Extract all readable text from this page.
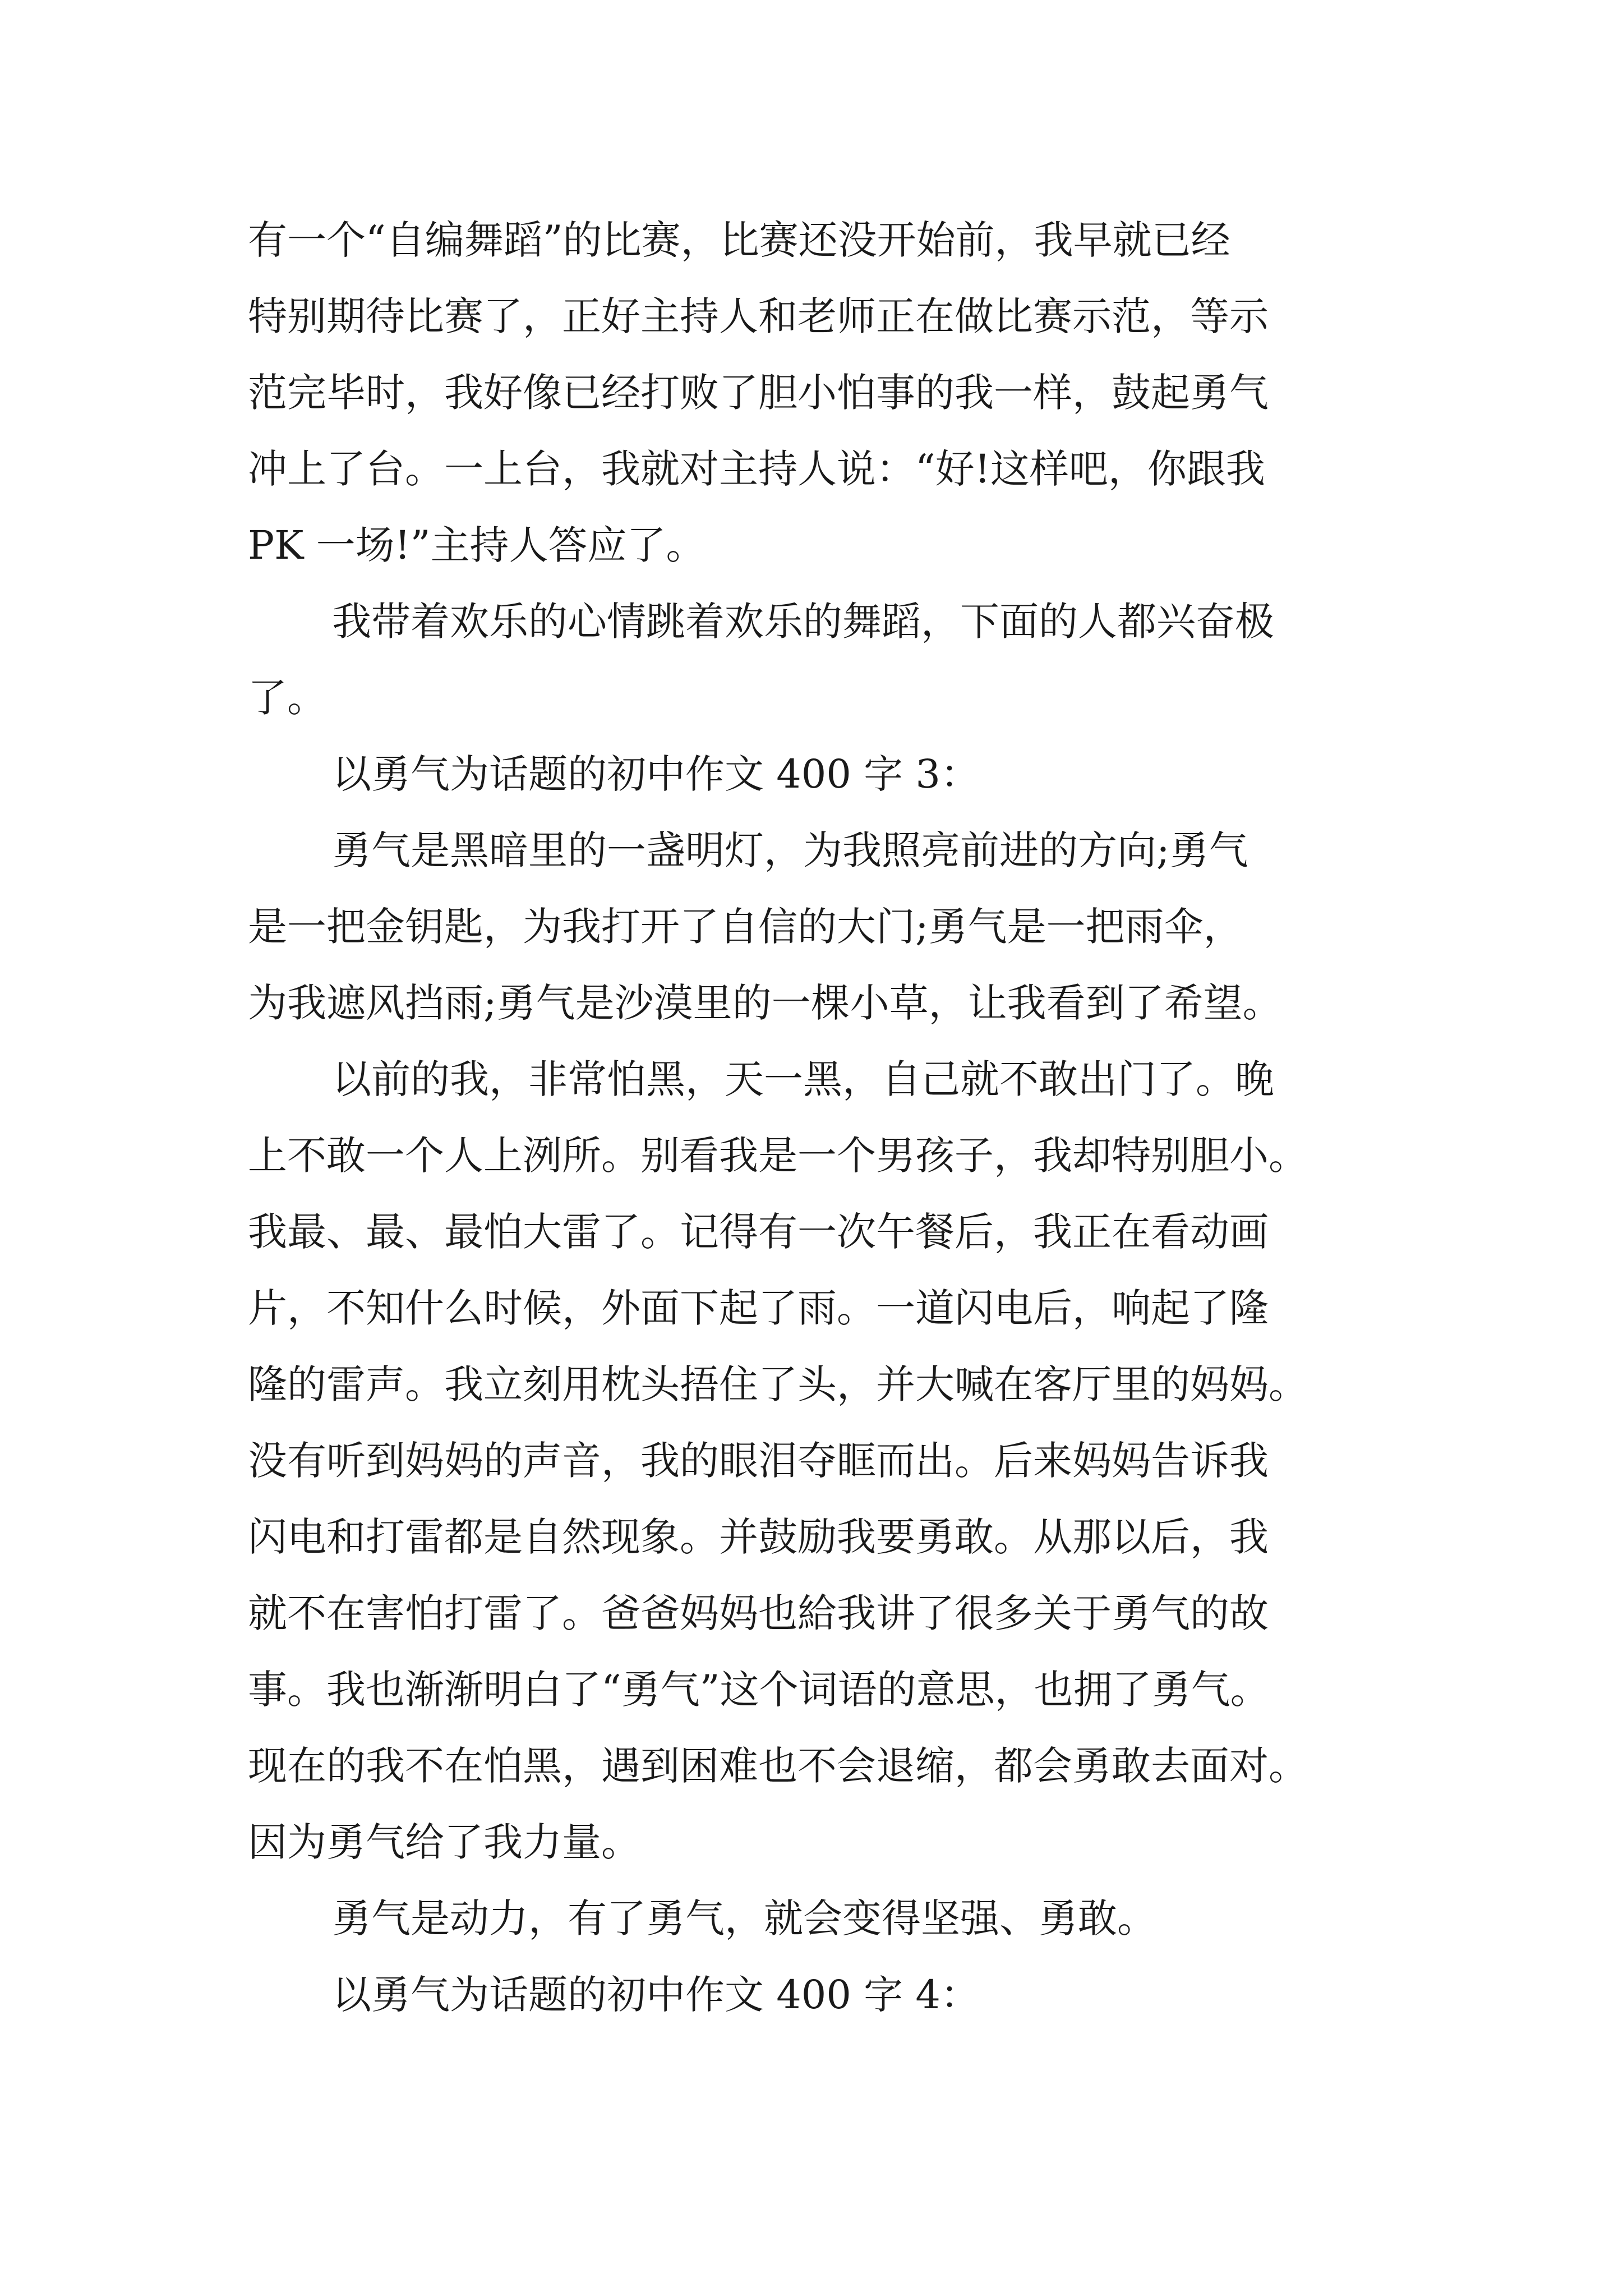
有一个“自编舞蹈”的比赛，比赛还没开始前，我早就已经
特别期待比赛了，正好主持人和老师正在做比赛示范，等示
范完毕时，我好像已经打败了胆小怕事的我一样，鼓起勇气
冲上了台。一上台，我就对主持人说：“好!这样吧，你跟我
PK 一场!”主持人答应了。
我带着欢乐的心情跳着欢乐的舞蹈，下面的人都兴奋极
了。
以勇气为话题的初中作文 400 字 3：
勇气是黑暗里的一盏明灯，为我照亮前进的方向;勇气
是一把金钥匙，为我打开了自信的大门;勇气是一把雨伞，
为我遮风挡雨;勇气是沙漠里的一棵小草，让我看到了希望。
以前的我，非常怕黑，天一黑，自己就不敢出门了。晚
上不敢一个人上洌所。别看我是一个男孩子，我却特别胆小。
我最、最、最怕大雷了。记得有一次午餐后，我正在看动画
片，不知什么时候，外面下起了雨。一道闪电后，响起了隆
隆的雷声。我立刻用枕头捂住了头，并大喊在客厅里的妈妈。
没有听到妈妈的声音，我的眼泪夺眶而出。后来妈妈告诉我
闪电和打雷都是自然现象。并鼓励我要勇敢。从那以后，我
就不在害怕打雷了。爸爸妈妈也給我讲了很多关于勇气的故
事。我也渐渐明白了“勇气”这个词语的意思，也拥了勇气。
现在的我不在怕黑，遇到困难也不会退缩，都会勇敢去面对。
因为勇气给了我力量。
勇气是动力，有了勇气，就会变得坚强、勇敢。
以勇气为话题的初中作文 400 字 4：
